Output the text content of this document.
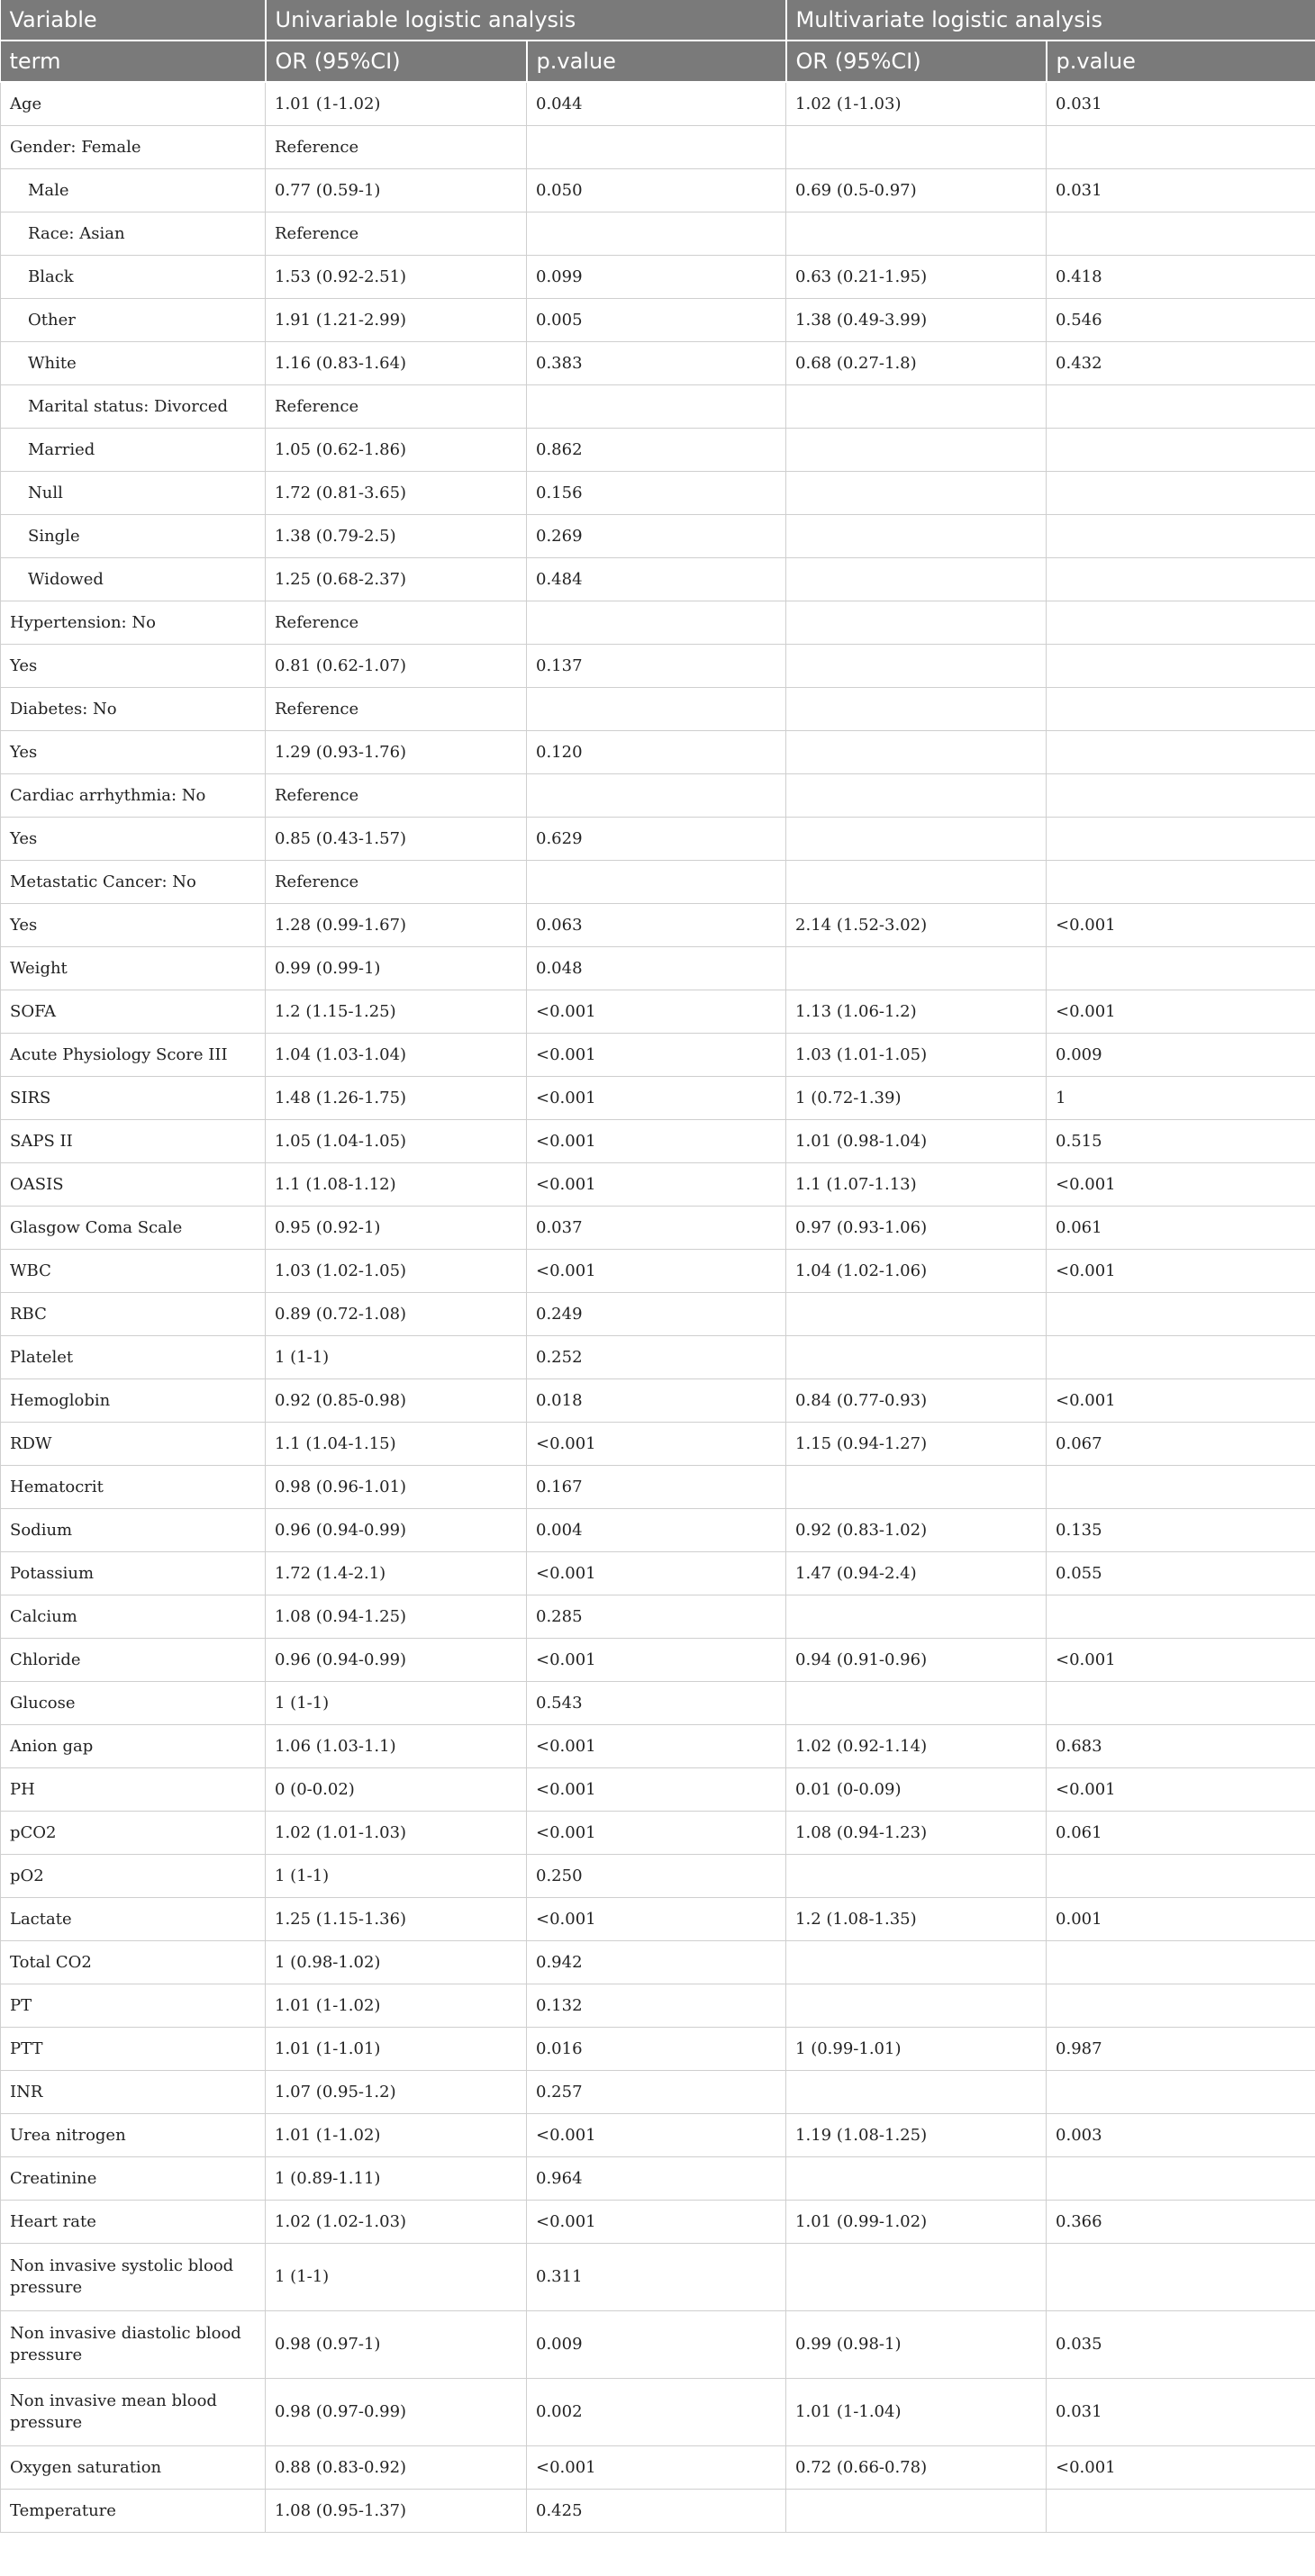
Variable	Univariable logistic analysis		Multivariate logistic analysis	
term	OR (95%CI)	p.value	OR (95%CI)	p.value
Age	1.01 (1-1.02)	0.044	1.02 (1-1.03)	0.031
Gender: Female	Reference			
Male	0.77 (0.59-1)	0.050	0.69 (0.5-0.97)	0.031
Race: Asian	Reference			
Black	1.53 (0.92-2.51)	0.099	0.63 (0.21-1.95)	0.418
Other	1.91 (1.21-2.99)	0.005	1.38 (0.49-3.99)	0.546
White	1.16 (0.83-1.64)	0.383	0.68 (0.27-1.8)	0.432
Marital status: Divorced	Reference			
Married	1.05 (0.62-1.86)	0.862		
Null	1.72 (0.81-3.65)	0.156		
Single	1.38 (0.79-2.5)	0.269		
Widowed	1.25 (0.68-2.37)	0.484		
Hypertension: No	Reference			
Yes	0.81 (0.62-1.07)	0.137		
Diabetes: No	Reference			
Yes	1.29 (0.93-1.76)	0.120		
Cardiac arrhythmia: No	Reference			
Yes	0.85 (0.43-1.57)	0.629		
Metastatic Cancer: No	Reference			
Yes	1.28 (0.99-1.67)	0.063	2.14 (1.52-3.02)	<0.001
Weight	0.99 (0.99-1)	0.048		
SOFA	1.2 (1.15-1.25)	<0.001	1.13 (1.06-1.2)	<0.001
Acute Physiology Score III	1.04 (1.03-1.04)	<0.001	1.03 (1.01-1.05)	0.009
SIRS	1.48 (1.26-1.75)	<0.001	1 (0.72-1.39)	1
SAPS II	1.05 (1.04-1.05)	<0.001	1.01 (0.98-1.04)	0.515
OASIS	1.1 (1.08-1.12)	<0.001	1.1 (1.07-1.13)	<0.001
Glasgow Coma Scale	0.95 (0.92-1)	0.037	0.97 (0.93-1.06)	0.061
WBC	1.03 (1.02-1.05)	<0.001	1.04 (1.02-1.06)	<0.001
RBC	0.89 (0.72-1.08)	0.249		
Platelet	1 (1-1)	0.252		
Hemoglobin	0.92 (0.85-0.98)	0.018	0.84 (0.77-0.93)	<0.001
RDW	1.1 (1.04-1.15)	<0.001	1.15 (0.94-1.27)	0.067
Hematocrit	0.98 (0.96-1.01)	0.167		
Sodium	0.96 (0.94-0.99)	0.004	0.92 (0.83-1.02)	0.135
Potassium	1.72 (1.4-2.1)	<0.001	1.47 (0.94-2.4)	0.055
Calcium	1.08 (0.94-1.25)	0.285		
Chloride	0.96 (0.94-0.99)	<0.001	0.94 (0.91-0.96)	<0.001
Glucose	1 (1-1)	0.543		
Anion gap	1.06 (1.03-1.1)	<0.001	1.02 (0.92-1.14)	0.683
PH	0 (0-0.02)	<0.001	0.01 (0-0.09)	<0.001
pCO2	1.02 (1.01-1.03)	<0.001	1.08 (0.94-1.23)	0.061
pO2	1 (1-1)	0.250		
Lactate	1.25 (1.15-1.36)	<0.001	1.2 (1.08-1.35)	0.001
Total CO2	1 (0.98-1.02)	0.942		
PT	1.01 (1-1.02)	0.132		
PTT	1.01 (1-1.01)	0.016	1 (0.99-1.01)	0.987
INR	1.07 (0.95-1.2)	0.257		
Urea nitrogen	1.01 (1-1.02)	<0.001	1.19 (1.08-1.25)	0.003
Creatinine	1 (0.89-1.11)	0.964		
Heart rate	1.02 (1.02-1.03)	<0.001	1.01 (0.99-1.02)	0.366
Non invasive systolic blood pressure	1 (1-1)	0.311		
Non invasive diastolic blood pressure	0.98 (0.97-1)	0.009	0.99 (0.98-1)	0.035
Non invasive mean blood pressure	0.98 (0.97-0.99)	0.002	1.01 (1-1.04)	0.031
Oxygen saturation	0.88 (0.83-0.92)	<0.001	0.72 (0.66-0.78)	<0.001
Temperature	1.08 (0.95-1.37)	0.425		
